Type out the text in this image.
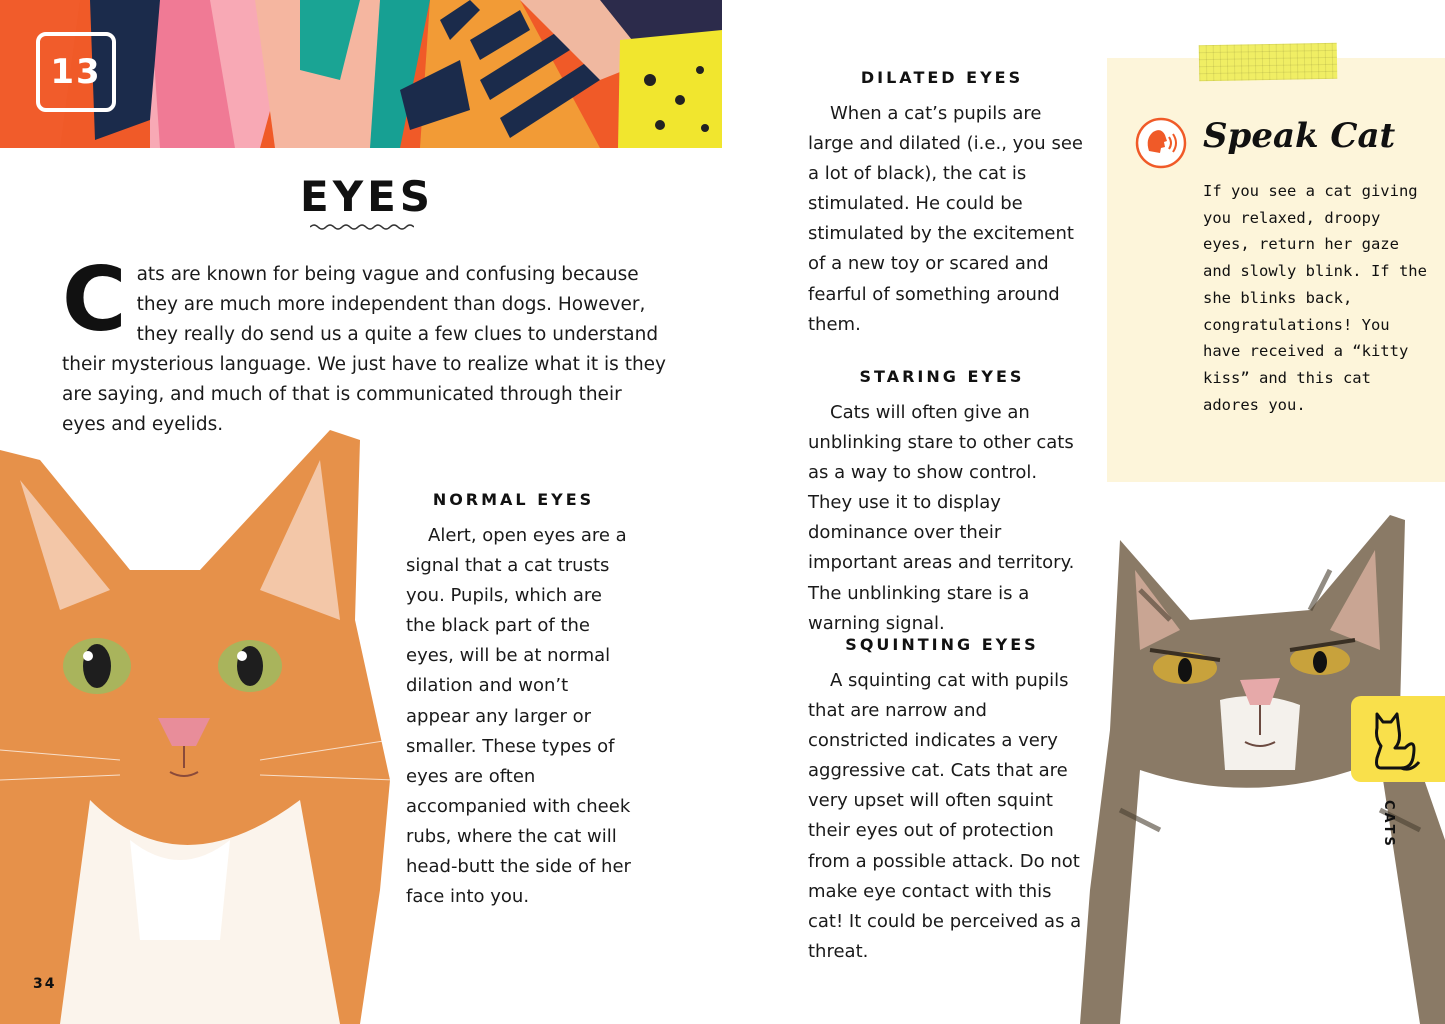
13
EYES
C ats are known for being vague and confusing because they are much more independent than dogs. However, they really do send us a quite a few clues to understand their mysterious language. We just have to realize what it is they are saying, and much of that is communicated through their eyes and eyelids.
NORMAL EYES

Alert, open eyes are a signal that a cat trusts you. Pupils, which are the black part of the eyes, will be at normal dilation and won’t appear any larger or smaller. These types of eyes are often accompanied with cheek rubs, where the cat will head-butt the side of her face into you.

34
DILATED EYES

When a cat’s pupils are large and dilated (i.e., you see a lot of black), the cat is stimulated. He could be stimulated by the excitement of a new toy or scared and fearful of something around them.

STARING EYES

Cats will often give an unblinking stare to other cats as a way to show control. They use it to display dominance over their important areas and territory. The unblinking stare is a warning signal.

SQUINTING EYES

A squinting cat with pupils that are narrow and constricted indicates a very aggressive cat. Cats that are very upset will often squint their eyes out of protection from a possible attack. Do not make eye contact with this cat! It could be perceived as a threat.

Speak Cat

If you see a cat giving you relaxed, droopy eyes, return her gaze and slowly blink. If the she blinks back, congratulations! You have received a “kitty kiss” and this cat adores you.

CATS
